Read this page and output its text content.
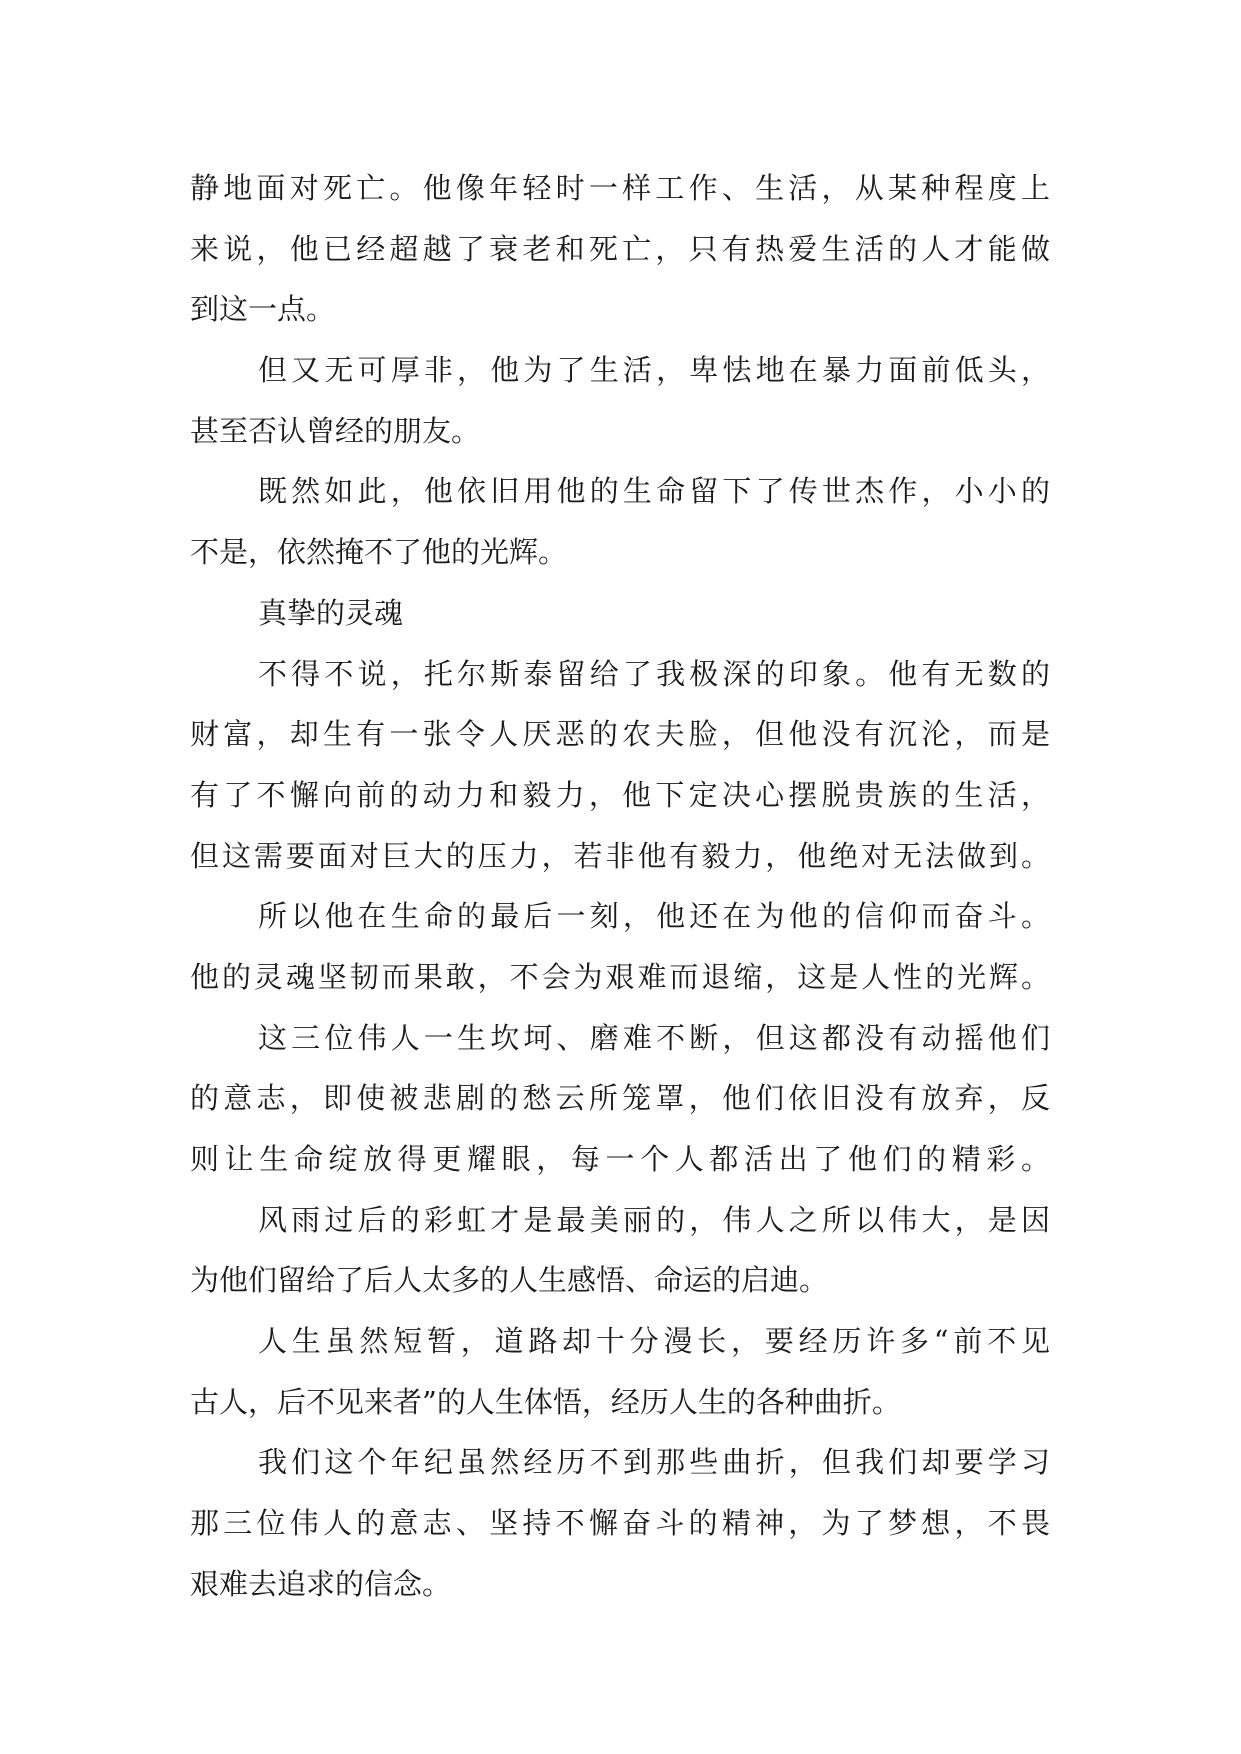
静地面对死亡。他像年轻时一样工作、生活，从某种程度上
来说，他已经超越了衰老和死亡，只有热爱生活的人才能做
到这一点。
但又无可厚非，他为了生活，卑怯地在暴力面前低头，
甚至否认曾经的朋友。
既然如此，他依旧用他的生命留下了传世杰作，小小的
不是，依然掩不了他的光辉。
真挚的灵魂
不得不说，托尔斯泰留给了我极深的印象。他有无数的
财富，却生有一张令人厌恶的农夫脸，但他没有沉沦，而是
有了不懈向前的动力和毅力，他下定决心摆脱贵族的生活，
但这需要面对巨大的压力，若非他有毅力，他绝对无法做到。
所以他在生命的最后一刻，他还在为他的信仰而奋斗。
他的灵魂坚韧而果敢，不会为艰难而退缩，这是人性的光辉。
这三位伟人一生坎坷、磨难不断，但这都没有动摇他们
的意志，即使被悲剧的愁云所笼罩，他们依旧没有放弃，反
则让生命绽放得更耀眼，每一个人都活出了他们的精彩。
风雨过后的彩虹才是最美丽的，伟人之所以伟大，是因
为他们留给了后人太多的人生感悟、命运的启迪。
人生虽然短暂，道路却十分漫长，要经历许多“前不见
古人，后不见来者”的人生体悟，经历人生的各种曲折。
我们这个年纪虽然经历不到那些曲折，但我们却要学习
那三位伟人的意志、坚持不懈奋斗的精神，为了梦想，不畏
艰难去追求的信念。
